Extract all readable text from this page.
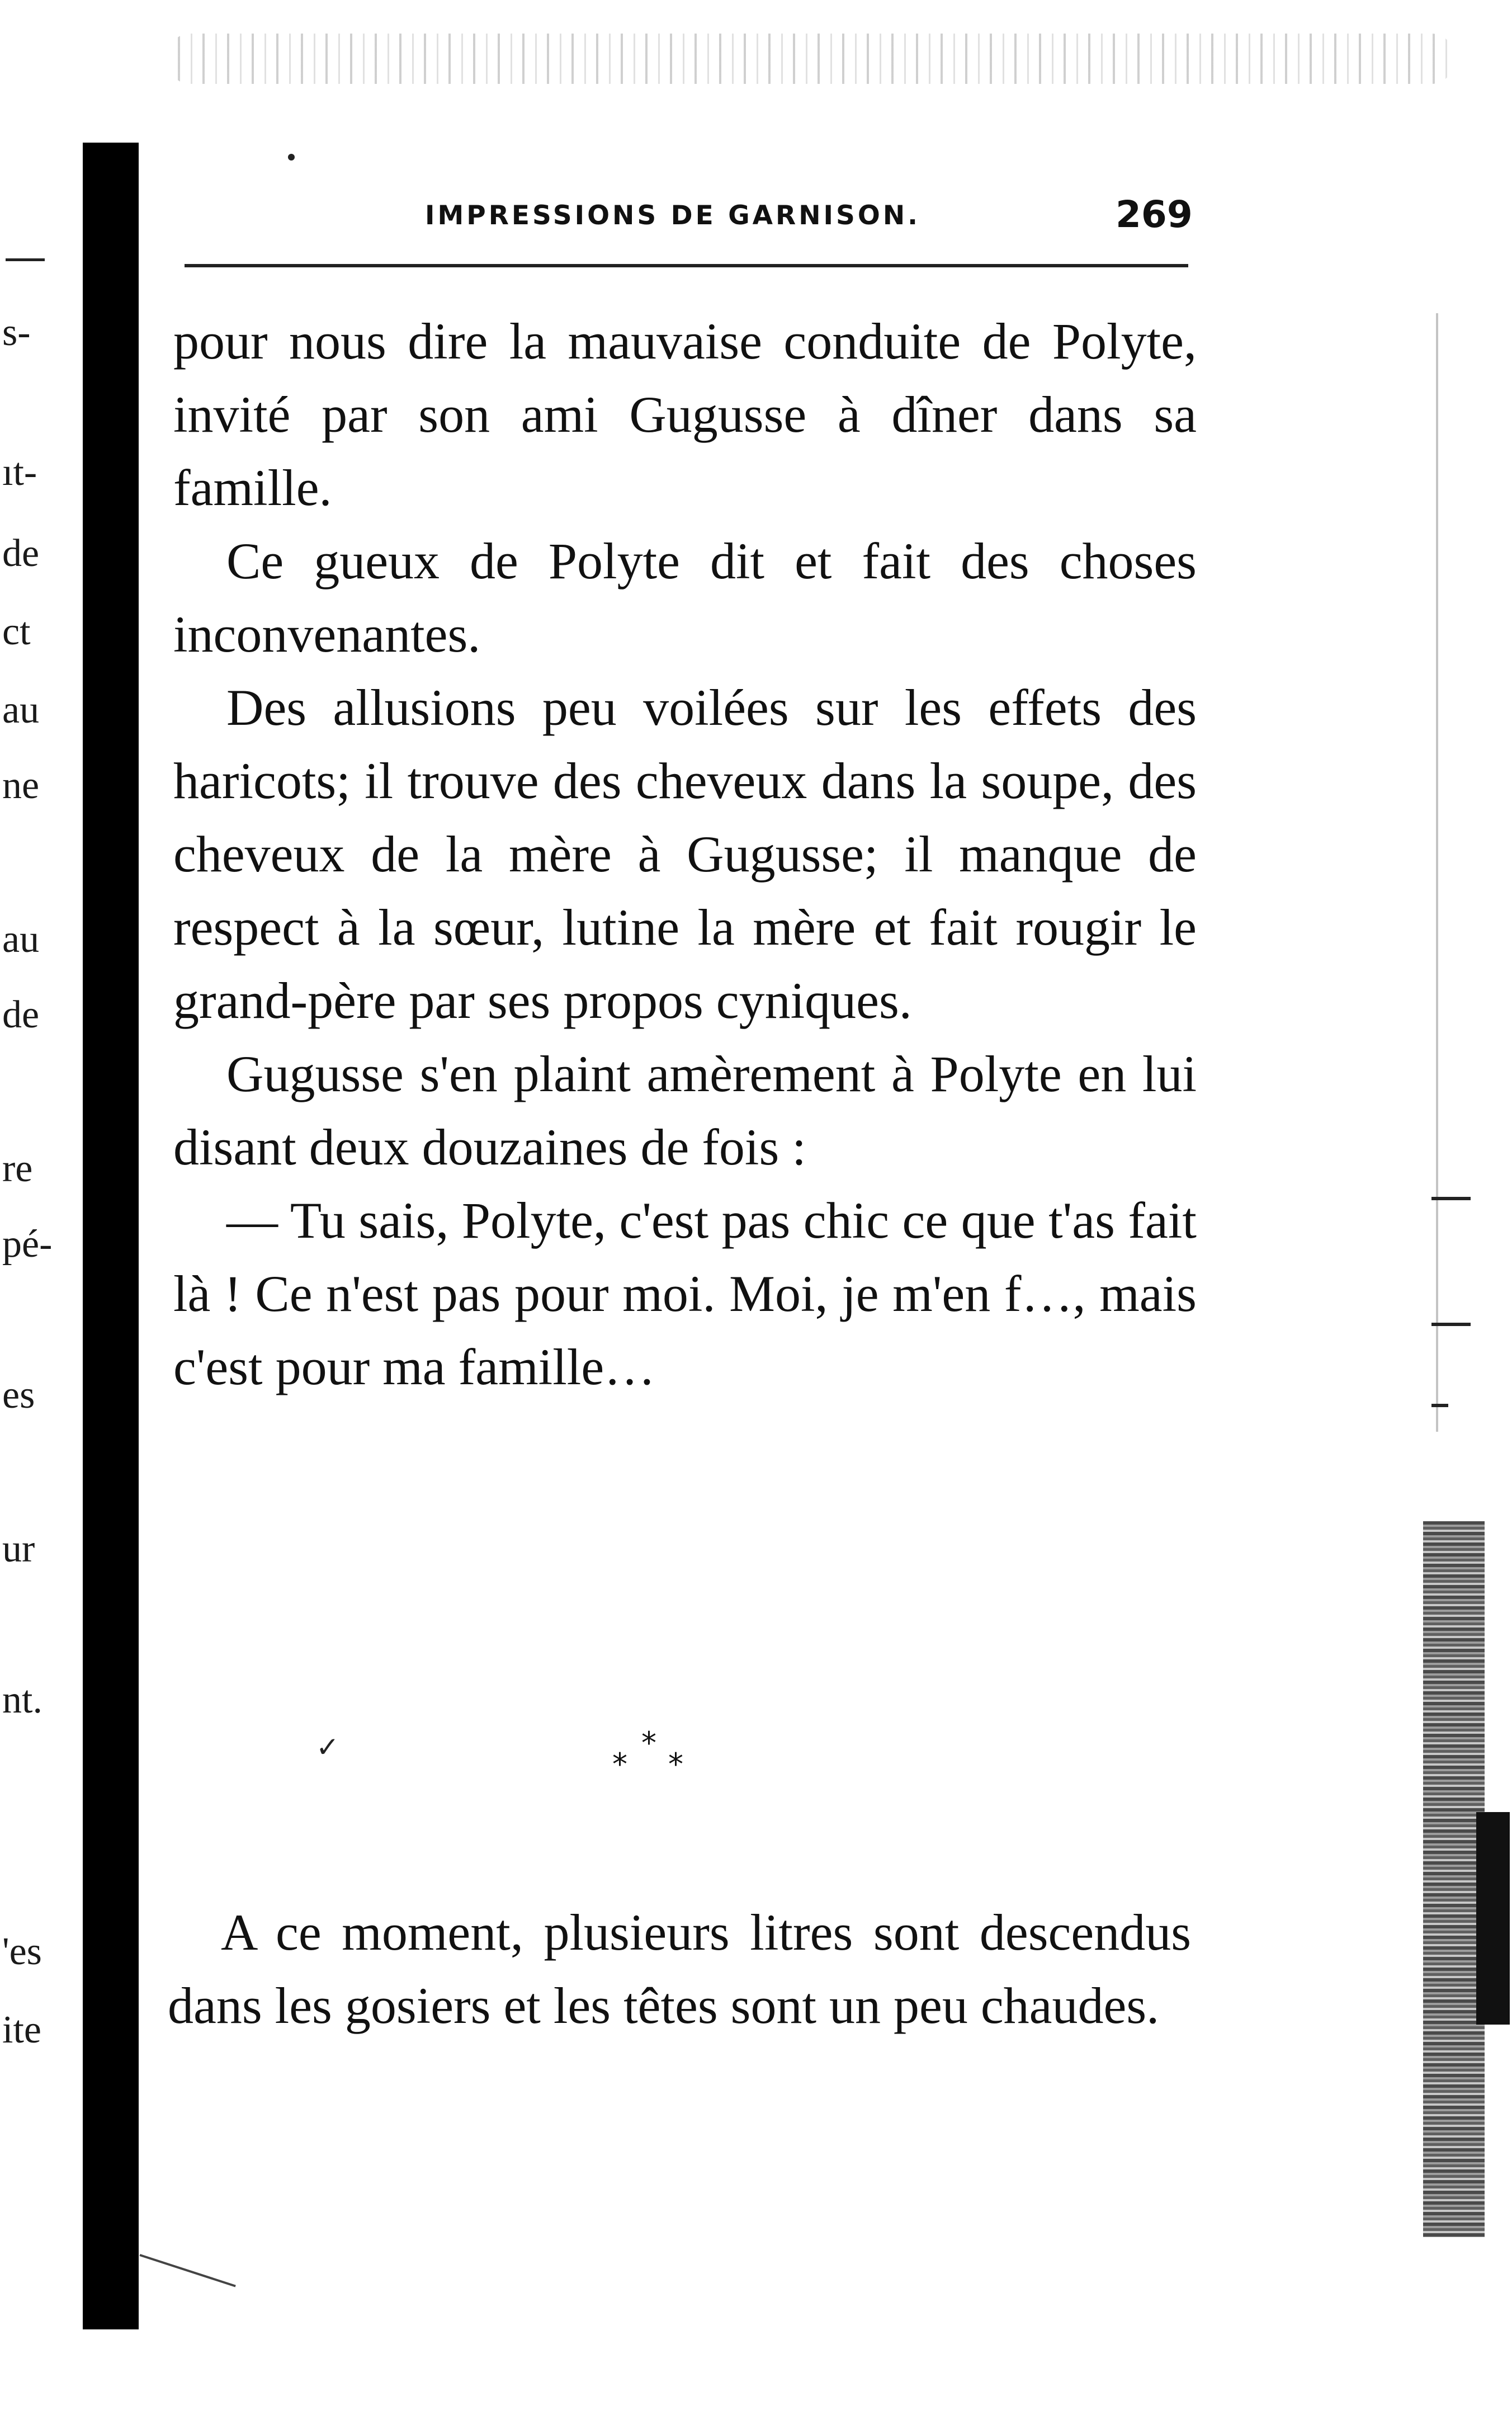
s-
ıt-
de
ct
au
ne
au
de
re
pé-
es
ur
nt.
'es
ite
IMPRESSIONS DE GARNISON.	269

pour nous dire la mauvaise conduite de Polyte, invité par son ami Gugusse à dîner dans sa famille.

Ce gueux de Polyte dit et fait des choses inconvenantes.

Des allusions peu voilées sur les effets des haricots; il trouve des cheveux dans la soupe, des cheveux de la mère à Gugusse; il manque de respect à la sœur, lutine la mère et fait rougir le grand-père par ses propos cyniques.

Gugusse s'en plaint amèrement à Polyte en lui disant deux douzaines de fois :

— Tu sais, Polyte, c'est pas chic ce que t'as fait là ! Ce n'est pas pour moi. Moi, je m'en f…, mais c'est pour ma famille…

✓	*
* *

A ce moment, plusieurs litres sont descendus dans les gosiers et les têtes sont un peu chaudes.
